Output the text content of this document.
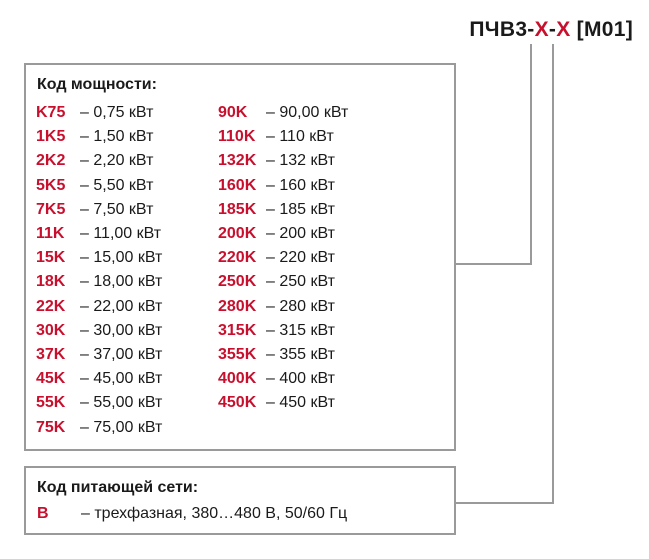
ПЧВ3-X-X [M01]
Код мощности:
K75 – 0,75 кВт
1K5 – 1,50 кВт
2K2 – 2,20 кВт
5K5 – 5,50 кВт
7K5 – 7,50 кВт
11K – 11,00 кВт
15K – 15,00 кВт
18K – 18,00 кВт
22K – 22,00 кВт
30K – 30,00 кВт
37K – 37,00 кВт
45K – 45,00 кВт
55K – 55,00 кВт
75K – 75,00 кВт
90K	– 90,00 кВт
110K – 110 кВт
132K – 132 кВт
160K – 160 кВт
185K – 185 кВт
200K – 200 кВт
220K – 220 кВт
250K – 250 кВт
280K – 280 кВт
315K – 315 кВт
355K – 355 кВт
400K – 400 кВт
450K – 450 кВт
Код питающей сети:
B	– трехфазная, 380…480 В, 50/60 Гц
